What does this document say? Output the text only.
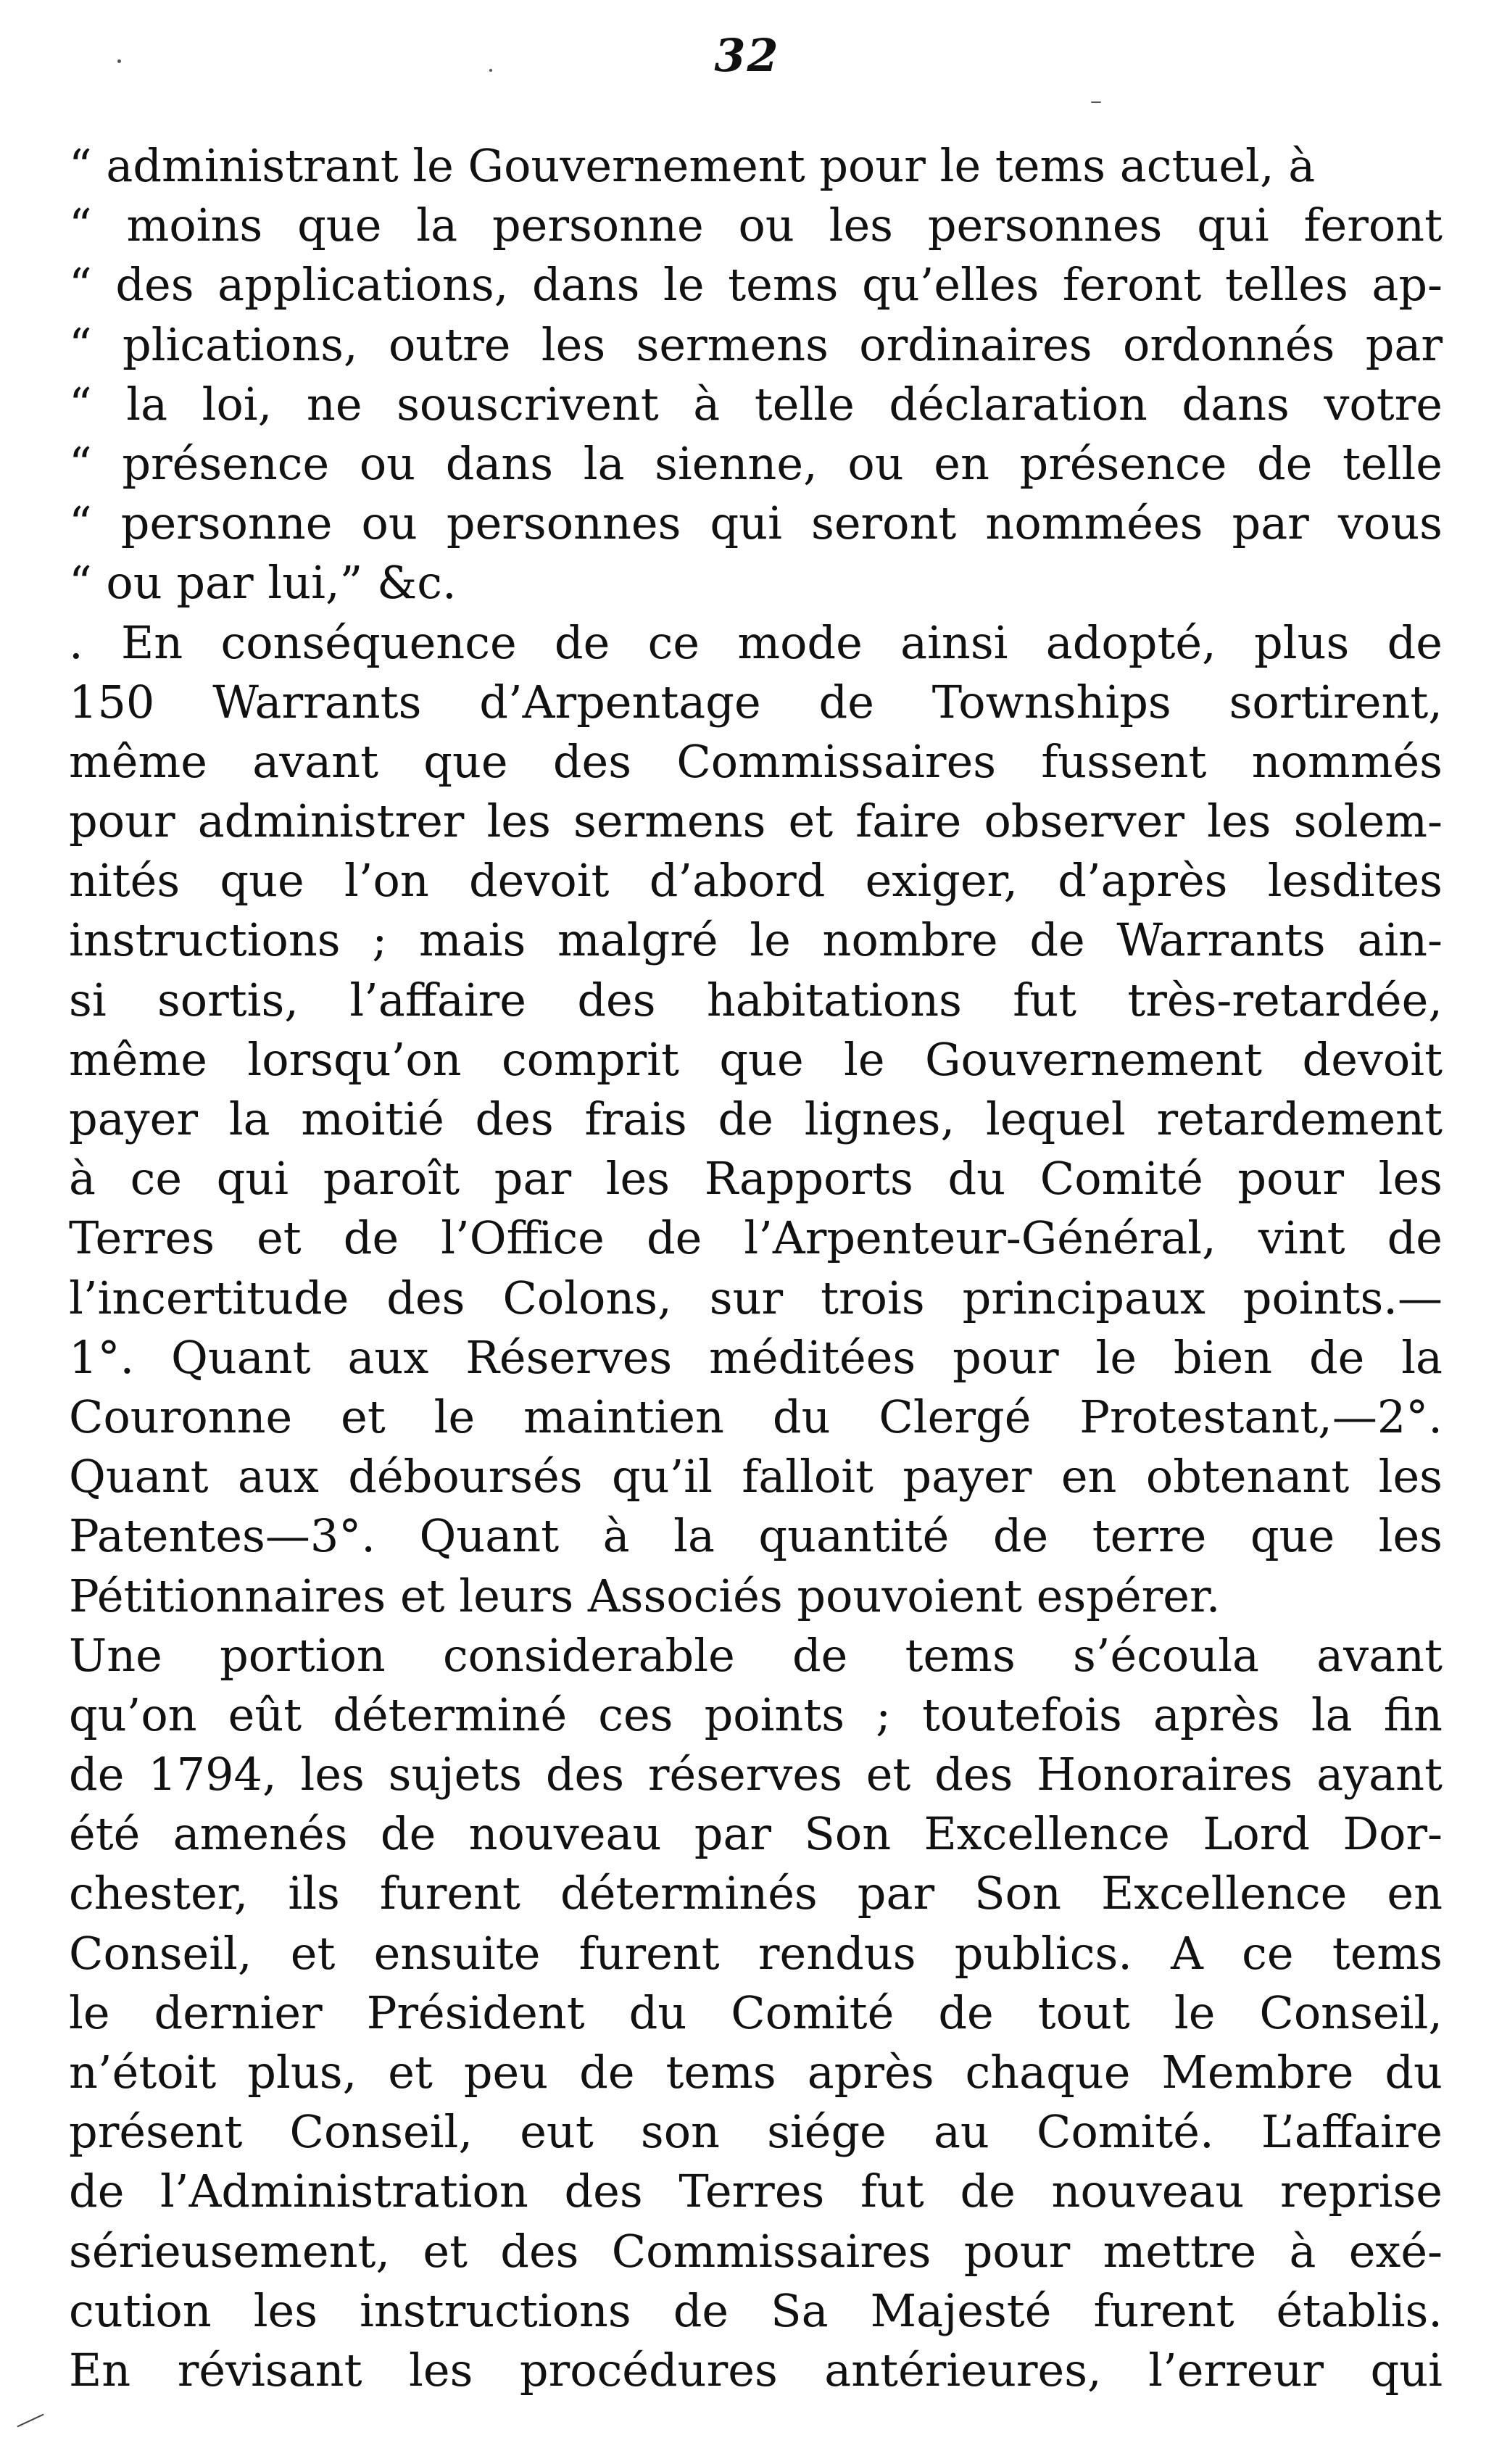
32
“ administrant le Gouvernement pour le tems actuel, à
“ moins que la personne ou les personnes qui feront
“ des applications, dans le tems qu’elles feront telles ap-
“ plications, outre les sermens ordinaires ordonnés par
“ la loi, ne souscrivent à telle déclaration dans votre
“ présence ou dans la sienne, ou en présence de telle
“ personne ou personnes qui seront nommées par vous
“ ou par lui,” &c.
. En conséquence de ce mode ainsi adopté, plus de
150 Warrants d’Arpentage de Townships sortirent,
même avant que des Commissaires fussent nommés
pour administrer les sermens et faire observer les solem-
nités que l’on devoit d’abord exiger, d’après lesdites
instructions ; mais malgré le nombre de Warrants ain-
si sortis, l’affaire des habitations fut très-retardée,
même lorsqu’on comprit que le Gouvernement devoit
payer la moitié des frais de lignes, lequel retardement
à ce qui paroît par les Rapports du Comité pour les
Terres et de l’Office de l’Arpenteur-Général, vint de
l’incertitude des Colons, sur trois principaux points.—
1°. Quant aux Réserves méditées pour le bien de la
Couronne et le maintien du Clergé Protestant,—2°.
Quant aux déboursés qu’il falloit payer en obtenant les
Patentes—3°. Quant à la quantité de terre que les
Pétitionnaires et leurs Associés pouvoient espérer.
Une portion considerable de tems s’écoula avant
qu’on eût déterminé ces points ; toutefois après la fin
de 1794, les sujets des réserves et des Honoraires ayant
été amenés de nouveau par Son Excellence Lord Dor-
chester, ils furent déterminés par Son Excellence en
Conseil, et ensuite furent rendus publics. A ce tems
le dernier Président du Comité de tout le Conseil,
n’étoit plus, et peu de tems après chaque Membre du
présent Conseil, eut son siége au Comité. L’affaire
de l’Administration des Terres fut de nouveau reprise
sérieusement, et des Commissaires pour mettre à exé-
cution les instructions de Sa Majesté furent établis.
En révisant les procédures antérieures, l’erreur qui
